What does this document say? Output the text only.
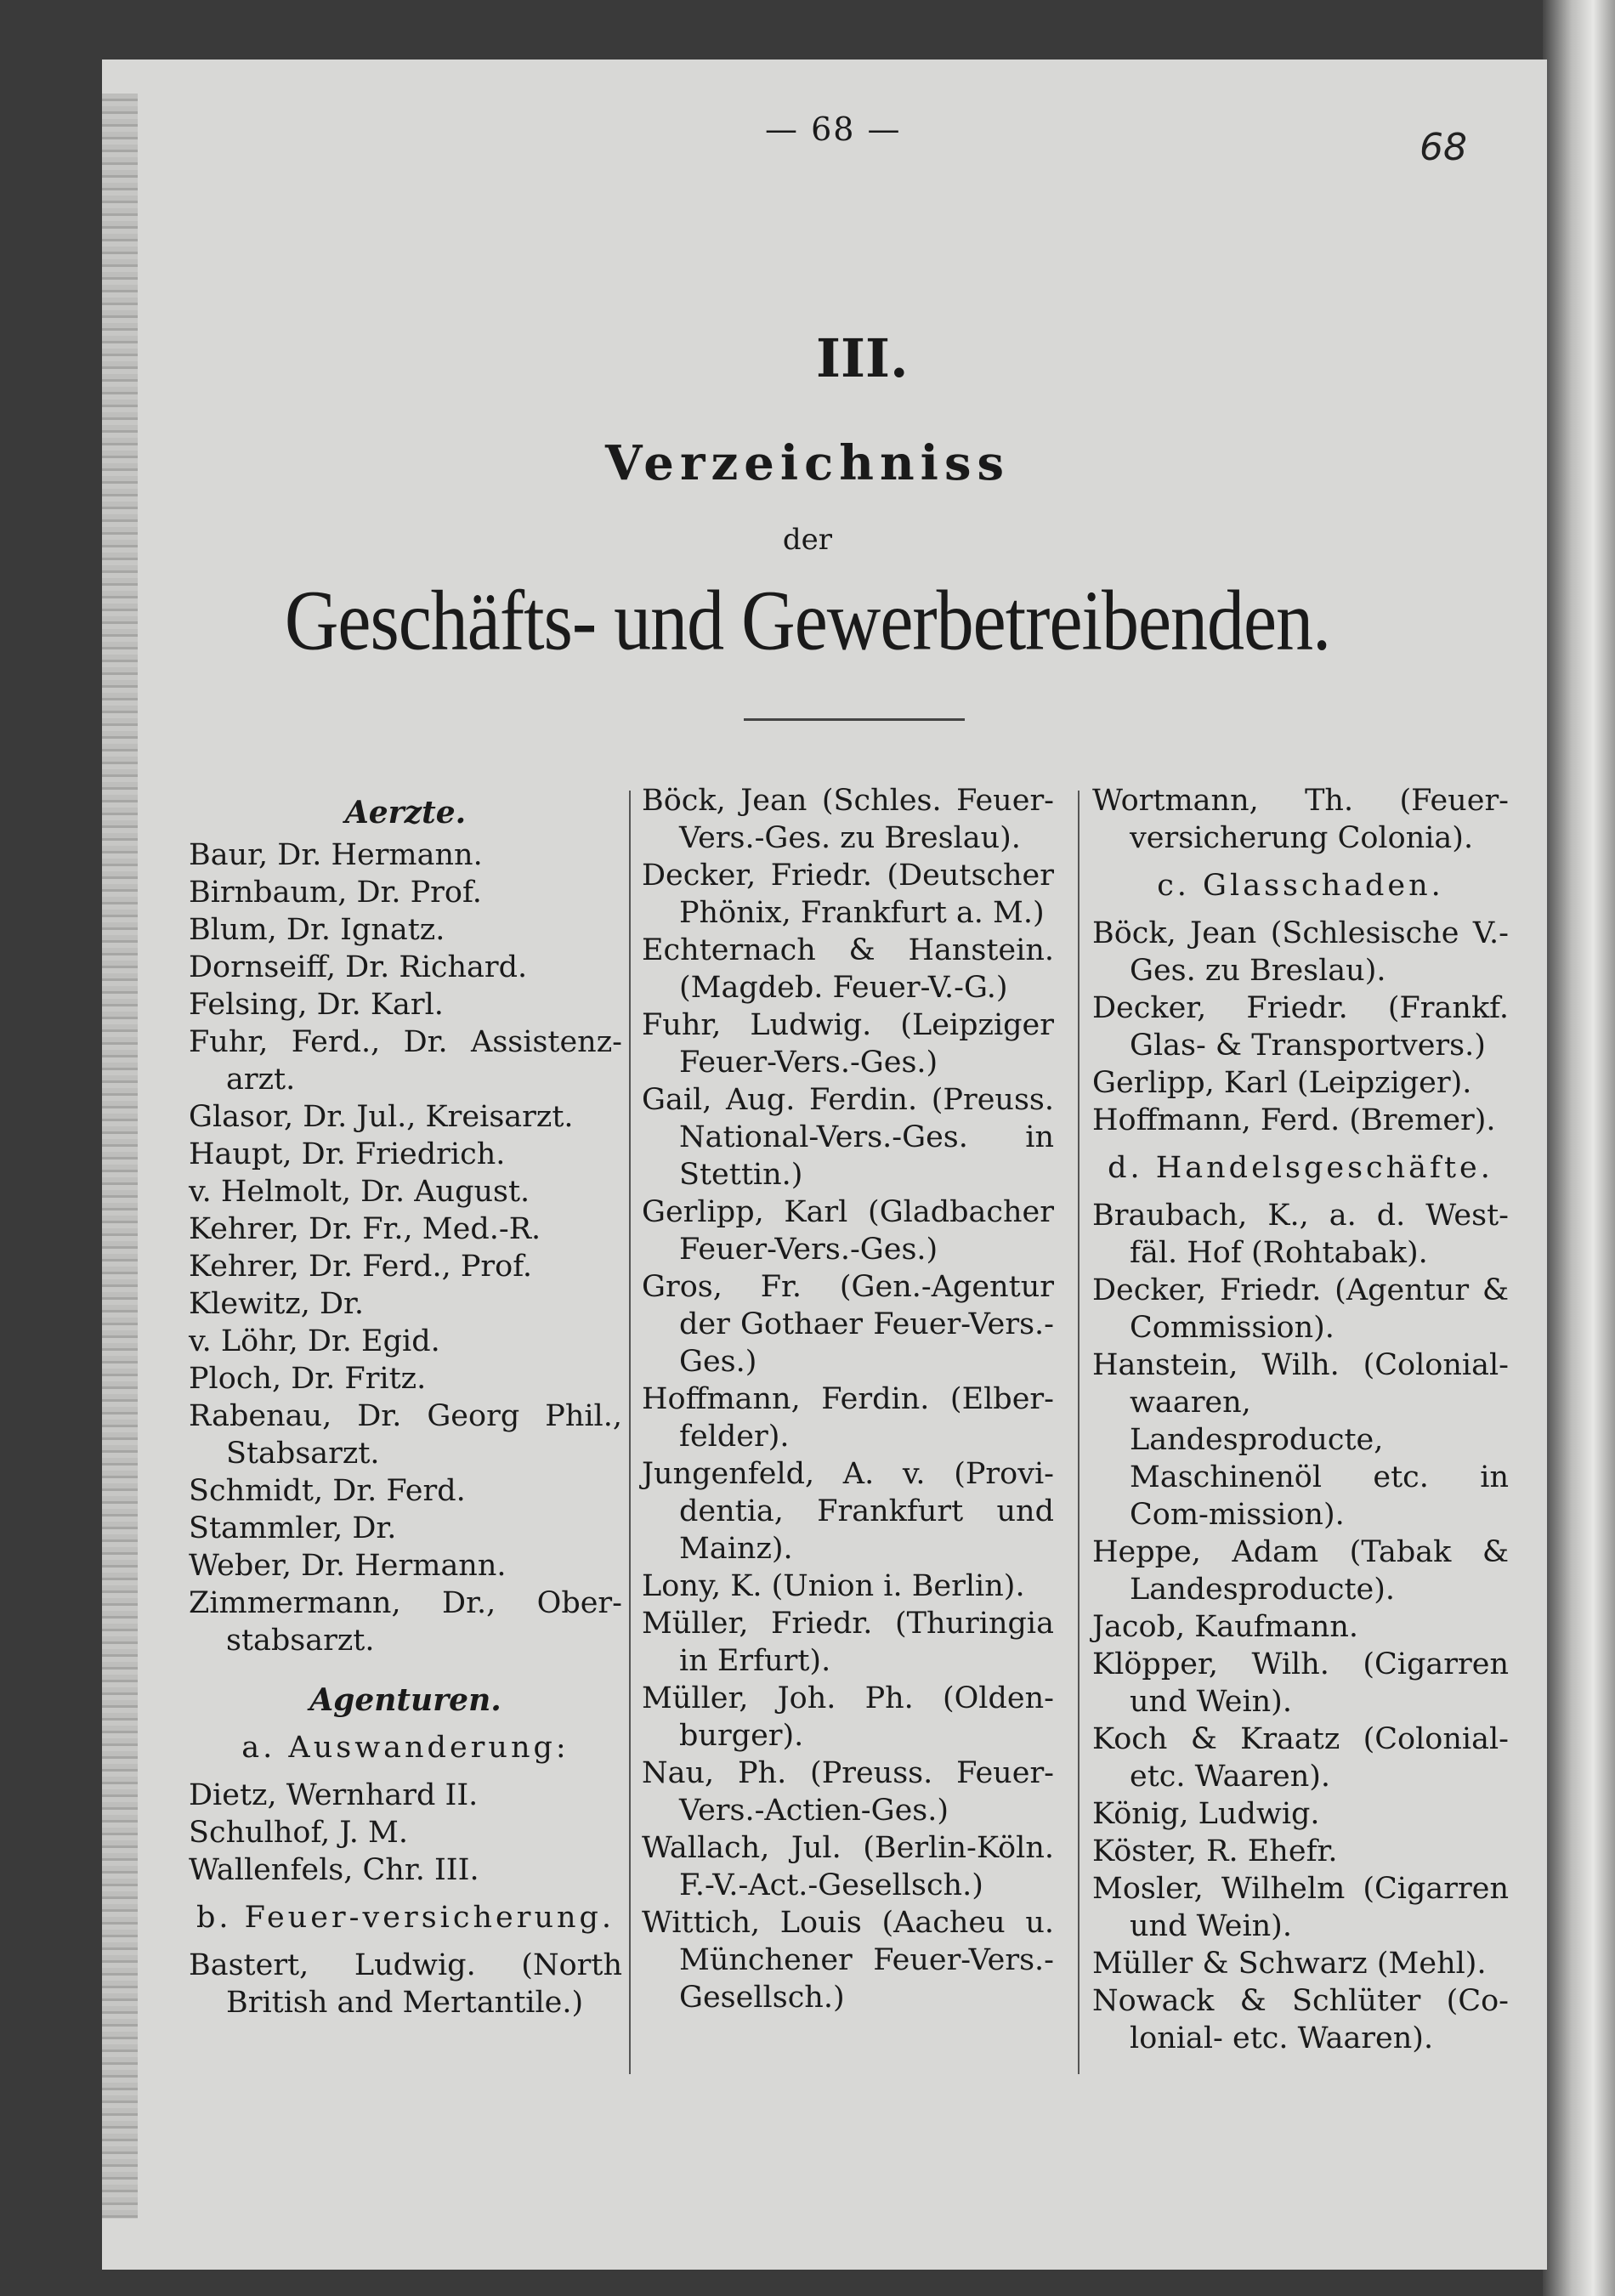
— 68 —	68
III.
Verzeichniss
der
Geschäfts- und Gewerbetreibenden.
Aerzte.
Baur, Dr. Hermann.
Birnbaum, Dr. Prof.
Blum, Dr. Ignatz.
Dornseiff, Dr. Richard.
Felsing, Dr. Karl.
Fuhr, Ferd., Dr. Assistenz-arzt.
Glasor, Dr. Jul., Kreisarzt.
Haupt, Dr. Friedrich.
v. Helmolt, Dr. August.
Kehrer, Dr. Fr., Med.-R.
Kehrer, Dr. Ferd., Prof.
Klewitz, Dr.
v. Löhr, Dr. Egid.
Ploch, Dr. Fritz.
Rabenau, Dr. Georg Phil., Stabsarzt.
Schmidt, Dr. Ferd.
Stammler, Dr.
Weber, Dr. Hermann.
Zimmermann, Dr., Ober-stabsarzt.
Agenturen.
a. Auswanderung:
Dietz, Wernhard II.
Schulhof, J. M.
Wallenfels, Chr. III.
b. Feuer-versicherung.
Bastert, Ludwig. (North British and Mertantile.)
Böck, Jean (Schles. Feuer-Vers.-Ges. zu Breslau).
Decker, Friedr. (Deutscher Phönix, Frankfurt a. M.)
Echternach & Hanstein. (Magdeb. Feuer-V.-G.)
Fuhr, Ludwig. (Leipziger Feuer-Vers.-Ges.)
Gail, Aug. Ferdin. (Preuss. National-Vers.-Ges. in Stettin.)
Gerlipp, Karl (Gladbacher Feuer-Vers.-Ges.)
Gros, Fr. (Gen.-Agentur der Gothaer Feuer-Vers.-Ges.)
Hoffmann, Ferdin. (Elber-felder).
Jungenfeld, A. v. (Provi-dentia, Frankfurt und Mainz).
Lony, K. (Union i. Berlin).
Müller, Friedr. (Thuringia in Erfurt).
Müller, Joh. Ph. (Olden-burger).
Nau, Ph. (Preuss. Feuer-Vers.-Actien-Ges.)
Wallach, Jul. (Berlin-Köln. F.-V.-Act.-Gesellsch.)
Wittich, Louis (Aacheu u. Münchener Feuer-Vers.-Gesellsch.)
Wortmann, Th. (Feuer-versicherung Colonia).
c. Glasschaden.
Böck, Jean (Schlesische V.-Ges. zu Breslau).
Decker, Friedr. (Frankf. Glas- & Transportvers.)
Gerlipp, Karl (Leipziger).
Hoffmann, Ferd. (Bremer).
d. Handelsgeschäfte.
Braubach, K., a. d. West-fäl. Hof (Rohtabak).
Decker, Friedr. (Agentur & Commission).
Hanstein, Wilh. (Colonial-waaren, Landesproducte, Maschinenöl etc. in Com-mission).
Heppe, Adam (Tabak & Landesproducte).
Jacob, Kaufmann.
Klöpper, Wilh. (Cigarren und Wein).
Koch & Kraatz (Colonial- etc. Waaren).
König, Ludwig.
Köster, R. Ehefr.
Mosler, Wilhelm (Cigarren und Wein).
Müller & Schwarz (Mehl).
Nowack & Schlüter (Co-lonial- etc. Waaren).
